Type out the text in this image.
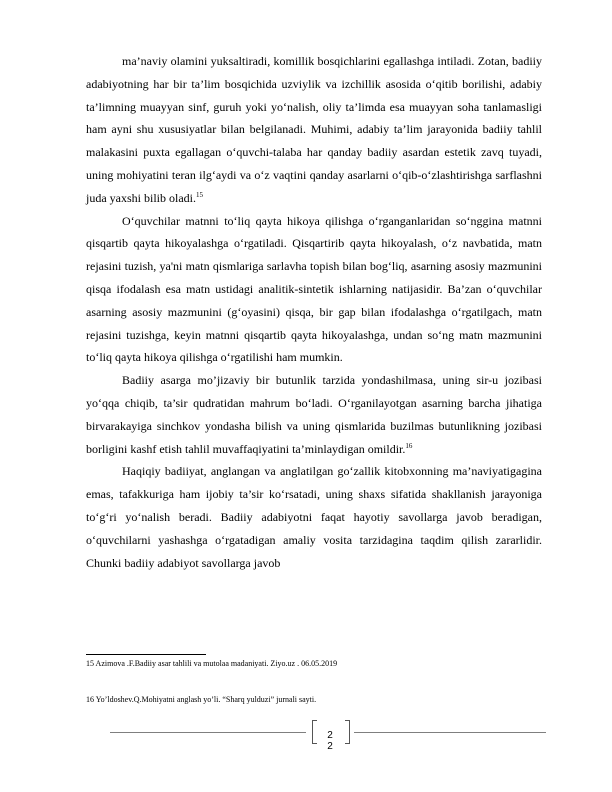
ma’naviy olamini yuksaltiradi, komillik bosqichlarini egallashga intiladi. Zotan, badiiy adabiyotning har bir ta’lim bosqichida uzviylik va izchillik asosida o‘qitib borilishi, adabiy ta’limning muayyan sinf, guruh yoki yo‘nalish, oliy ta’limda esa muayyan soha tanlamasligi ham ayni shu xususiyatlar bilan belgilanadi. Muhimi, adabiy ta’lim jarayonida badiiy tahlil malakasini puxta egallagan o‘quvchi-talaba har qanday badiiy asardan estetik zavq tuyadi, uning mohiyatini teran ilg‘aydi va o‘z vaqtini qanday asarlarni o‘qib-o‘zlashtirishga sarflashni juda yaxshi bilib oladi.$^{15}$

O‘quvchilar matnni to‘liq qayta hikoya qilishga o‘rganganlaridan so‘nggina matnni qisqartib qayta hikoyalashga o‘rgatiladi. Qisqartirib qayta hikoyalash, o‘z navbatida, matn rejasini tuzish, ya'ni matn qismlariga sarlavha topish bilan bog‘liq, asarning asosiy mazmunini qisqa ifodalash esa matn ustidagi analitik-sintetik ishlarning natijasidir. Ba’zan o‘quvchilar asarning asosiy mazmunini (g‘oyasini) qisqa, bir gap bilan ifodalashga o‘rgatilgach, matn rejasini tuzishga, keyin matnni qisqartib qayta hikoyalashga, undan so‘ng matn mazmunini to‘liq qayta hikoya qilishga o‘rgatilishi ham mumkin.

Badiiy asarga mo’jizaviy bir butunlik tarzida yondashilmasa, uning sir-u jozibasi yo‘qqa chiqib, ta’sir qudratidan mahrum bo‘ladi. O‘rganilayotgan asarning barcha jihatiga birvarakayiga sinchkov yondasha bilish va uning qismlarida buzilmas butunlikning jozibasi borligini kashf etish tahlil muvaffaqiyatini ta’minlaydigan omildir.$^{16}$

Haqiqiy badiiyat, anglangan va anglatilgan go‘zallik kitobxonning ma’naviyatigagina emas, tafakkuriga ham ijobiy ta’sir ko‘rsatadi, uning shaxs sifatida shakllanish jarayoniga to‘g‘ri yo‘nalish beradi. Badiiy adabiyotni faqat hayotiy savollarga javob beradigan, o‘quvchilarni yashashga o‘rgatadigan amaliy vosita tarzidagina taqdim qilish zararlidir. Chunki badiiy adabiyot savollarga javob

15 Azimova .F.Badiiy asar tahlili va mutolaa madaniyati. Ziyo.uz . 06.05.2019
16 Yo’ldoshev.Q.Mohiyatni anglash yo’li. “Sharq yulduzi” jurnali sayti.
2
2
